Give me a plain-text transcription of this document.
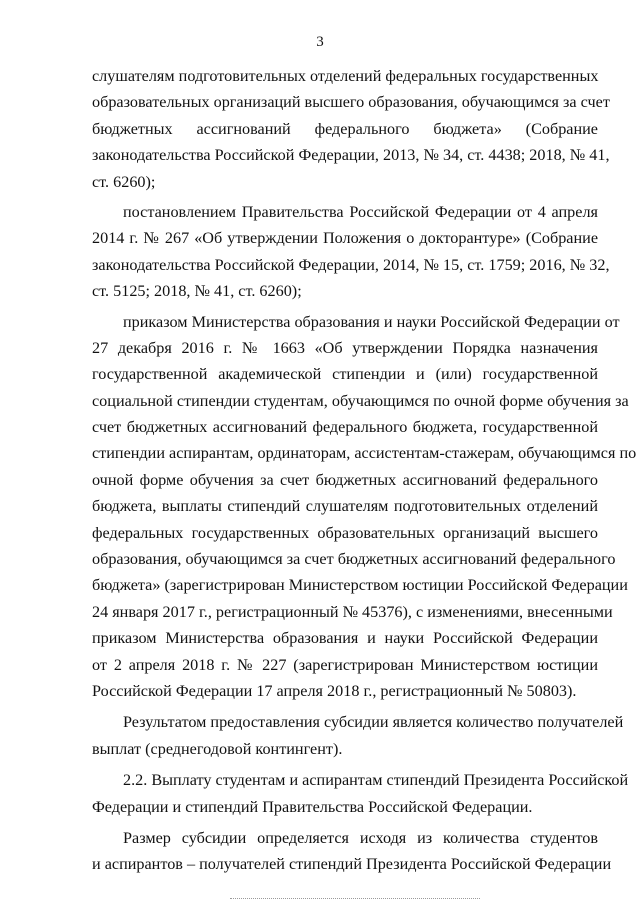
3
слушателям подготовительных отделений федеральных государственных
образовательных организаций высшего образования, обучающимся за счет
бюджетных ассигнований федерального бюджета» (Собрание
законодательства Российской Федерации, 2013, № 34, ст. 4438; 2018, № 41,
ст. 6260);
постановлением Правительства Российской Федерации от 4 апреля
2014 г. № 267 «Об утверждении Положения о докторантуре» (Собрание
законодательства Российской Федерации, 2014, № 15, ст. 1759; 2016, № 32,
ст. 5125; 2018, № 41, ст. 6260);
приказом Министерства образования и науки Российской Федерации от
27 декабря 2016 г. № 1663 «Об утверждении Порядка назначения
государственной академической стипендии и (или) государственной
социальной стипендии студентам, обучающимся по очной форме обучения за
счет бюджетных ассигнований федерального бюджета, государственной
стипендии аспирантам, ординаторам, ассистентам-стажерам, обучающимся по
очной форме обучения за счет бюджетных ассигнований федерального
бюджета, выплаты стипендий слушателям подготовительных отделений
федеральных государственных образовательных организаций высшего
образования, обучающимся за счет бюджетных ассигнований федерального
бюджета» (зарегистрирован Министерством юстиции Российской Федерации
24 января 2017 г., регистрационный № 45376), с изменениями, внесенными
приказом Министерства образования и науки Российской Федерации
от 2 апреля 2018 г. № 227 (зарегистрирован Министерством юстиции
Российской Федерации 17 апреля 2018 г., регистрационный № 50803).
Результатом предоставления субсидии является количество получателей
выплат (среднегодовой контингент).
2.2. Выплату студентам и аспирантам стипендий Президента Российской
Федерации и стипендий Правительства Российской Федерации.
Размер субсидии определяется исходя из количества студентов
и аспирантов – получателей стипендий Президента Российской Федерации
